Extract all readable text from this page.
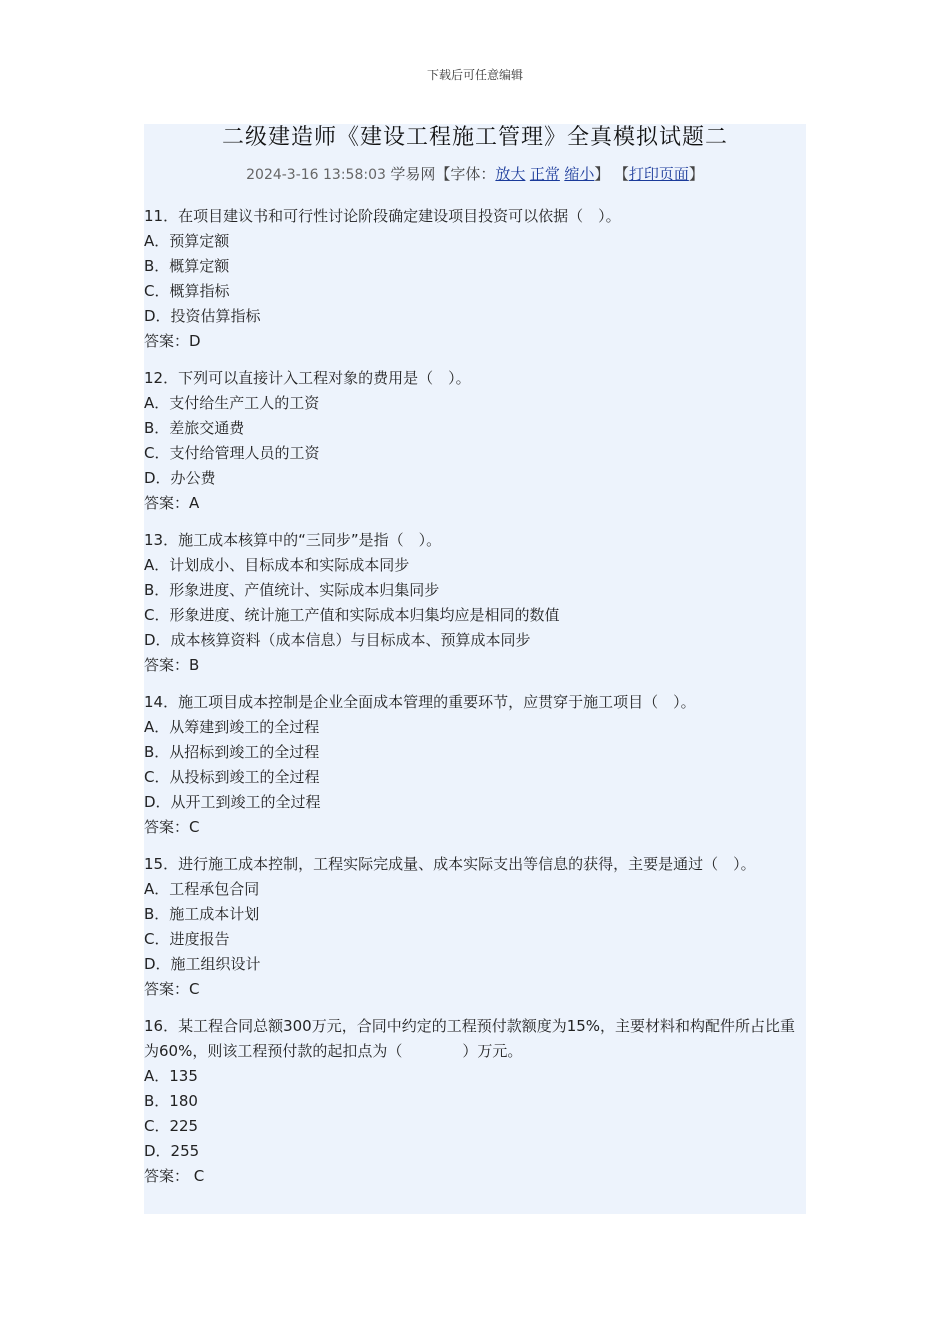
下载后可任意编辑
二级建造师《建设工程施工管理》全真模拟试题二
2024-3-16 13:58:03 学易网【字体：放大 正常 缩小】 【打印页面】
11．在项目建议书和可行性讨论阶段确定建设项目投资可以依据（　）。
A．预算定额
B．概算定额
C．概算指标
D．投资估算指标
答案：D
12．下列可以直接计入工程对象的费用是（　）。
A．支付给生产工人的工资
B．差旅交通费
C．支付给管理人员的工资
D．办公费
答案：A
13．施工成本核算中的“三同步”是指（　）。
A．计划成小、目标成本和实际成本同步
B．形象进度、产值统计、实际成本归集同步
C．形象进度、统计施工产值和实际成本归集均应是相同的数值
D．成本核算资料（成本信息）与目标成本、预算成本同步
答案：B
14．施工项目成本控制是企业全面成本管理的重要环节，应贯穿于施工项目（　）。
A．从筹建到竣工的全过程
B．从招标到竣工的全过程
C．从投标到竣工的全过程
D．从开工到竣工的全过程
答案：C
15．进行施工成本控制，工程实际完成量、成本实际支出等信息的获得，主要是通过（　）。
A．工程承包合同
B．施工成本计划
C．进度报告
D．施工组织设计
答案：C
16．某工程合同总额300万元，合同中约定的工程预付款额度为15%，主要材料和构配件所占比重为60%，则该工程预付款的起扣点为（　　　　）万元。
A．135
B．180
C．225
D．255
答案： C
